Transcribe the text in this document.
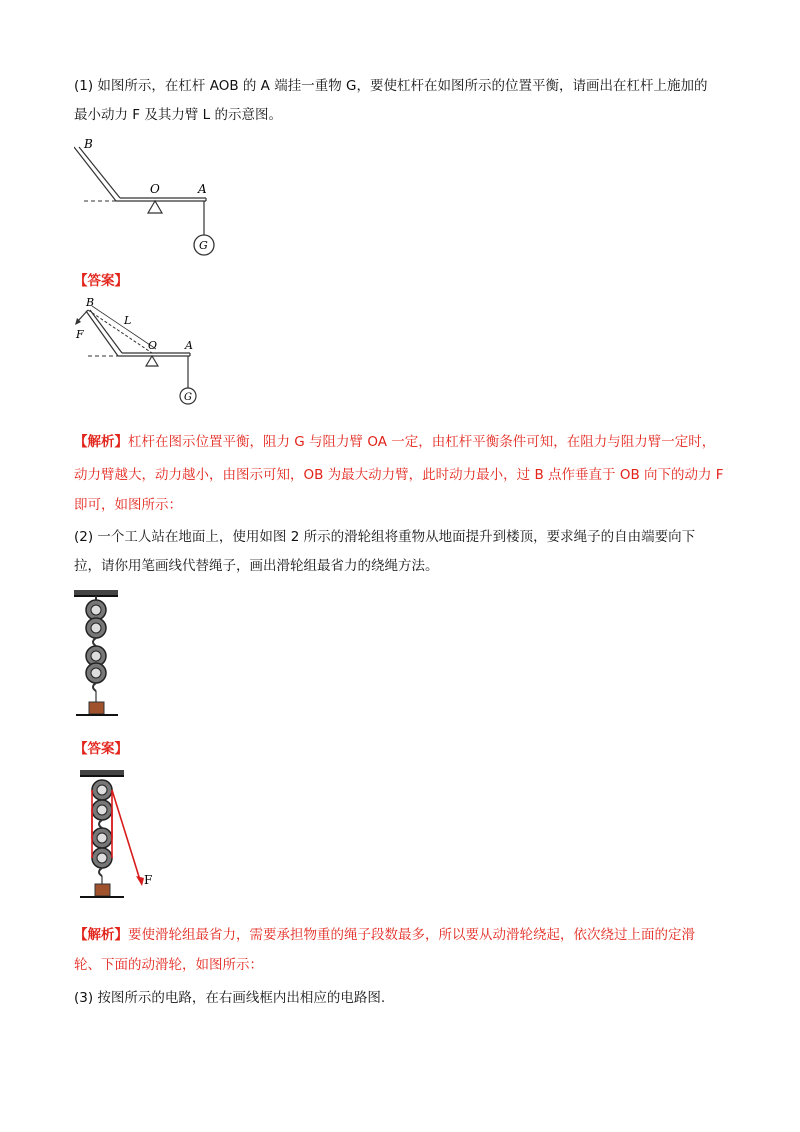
(1) 如图所示，在杠杆 AOB 的 A 端挂一重物 G，要使杠杆在如图所示的位置平衡，请画出在杠杆上施加的
最小动力 F 及其力臂 L 的示意图。
B
O	A
G
【答案】
B
F
L
O	A
G
【解析】杠杆在图示位置平衡，阻力 G 与阻力臂 OA 一定，由杠杆平衡条件可知，在阻力与阻力臂一定时，
动力臂越大，动力越小，由图示可知，OB 为最大动力臂，此时动力最小，过 B 点作垂直于 OB 向下的动力 F
即可，如图所示：
(2) 一个工人站在地面上，使用如图 2 所示的滑轮组将重物从地面提升到楼顶，要求绳子的自由端要向下
拉，请你用笔画线代替绳子，画出滑轮组最省力的绕绳方法。
【答案】
F
【解析】要使滑轮组最省力，需要承担物重的绳子段数最多，所以要从动滑轮绕起，依次绕过上面的定滑
轮、下面的动滑轮，如图所示：
(3) 按图所示的电路，在右画线框内出相应的电路图.
